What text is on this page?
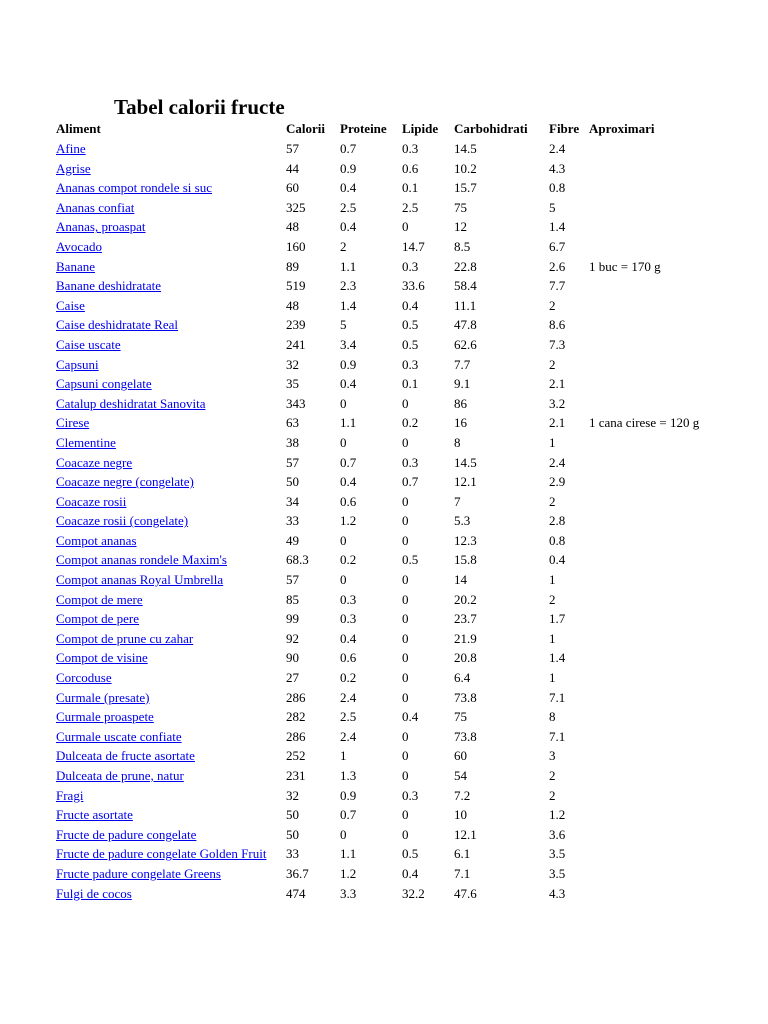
Tabel calorii fructe
Aliment	Calorii	Proteine	Lipide	Carbohidrati	Fibre	Aproximari
Afine	57	0.7	0.3	14.5	2.4	
Agrise	44	0.9	0.6	10.2	4.3	
Ananas compot rondele si suc	60	0.4	0.1	15.7	0.8	
Ananas confiat	325	2.5	2.5	75	5	
Ananas, proaspat	48	0.4	0	12	1.4	
Avocado	160	2	14.7	8.5	6.7	
Banane	89	1.1	0.3	22.8	2.6	1 buc = 170 g
Banane deshidratate	519	2.3	33.6	58.4	7.7	
Caise	48	1.4	0.4	11.1	2	
Caise deshidratate Real	239	5	0.5	47.8	8.6	
Caise uscate	241	3.4	0.5	62.6	7.3	
Capsuni	32	0.9	0.3	7.7	2	
Capsuni congelate	35	0.4	0.1	9.1	2.1	
Catalup deshidratat Sanovita	343	0	0	86	3.2	
Cirese	63	1.1	0.2	16	2.1	1 cana cirese = 120 g
Clementine	38	0	0	8	1	
Coacaze negre	57	0.7	0.3	14.5	2.4	
Coacaze negre (congelate)	50	0.4	0.7	12.1	2.9	
Coacaze rosii	34	0.6	0	7	2	
Coacaze rosii (congelate)	33	1.2	0	5.3	2.8	
Compot ananas	49	0	0	12.3	0.8	
Compot ananas rondele Maxim's	68.3	0.2	0.5	15.8	0.4	
Compot ananas Royal Umbrella	57	0	0	14	1	
Compot de mere	85	0.3	0	20.2	2	
Compot de pere	99	0.3	0	23.7	1.7	
Compot de prune cu zahar	92	0.4	0	21.9	1	
Compot de visine	90	0.6	0	20.8	1.4	
Corcoduse	27	0.2	0	6.4	1	
Curmale (presate)	286	2.4	0	73.8	7.1	
Curmale proaspete	282	2.5	0.4	75	8	
Curmale uscate confiate	286	2.4	0	73.8	7.1	
Dulceata de fructe asortate	252	1	0	60	3	
Dulceata de prune, natur	231	1.3	0	54	2	
Fragi	32	0.9	0.3	7.2	2	
Fructe asortate	50	0.7	0	10	1.2	
Fructe de padure congelate	50	0	0	12.1	3.6	
Fructe de padure congelate Golden Fruit	33	1.1	0.5	6.1	3.5	
Fructe padure congelate Greens	36.7	1.2	0.4	7.1	3.5	
Fulgi de cocos	474	3.3	32.2	47.6	4.3	
